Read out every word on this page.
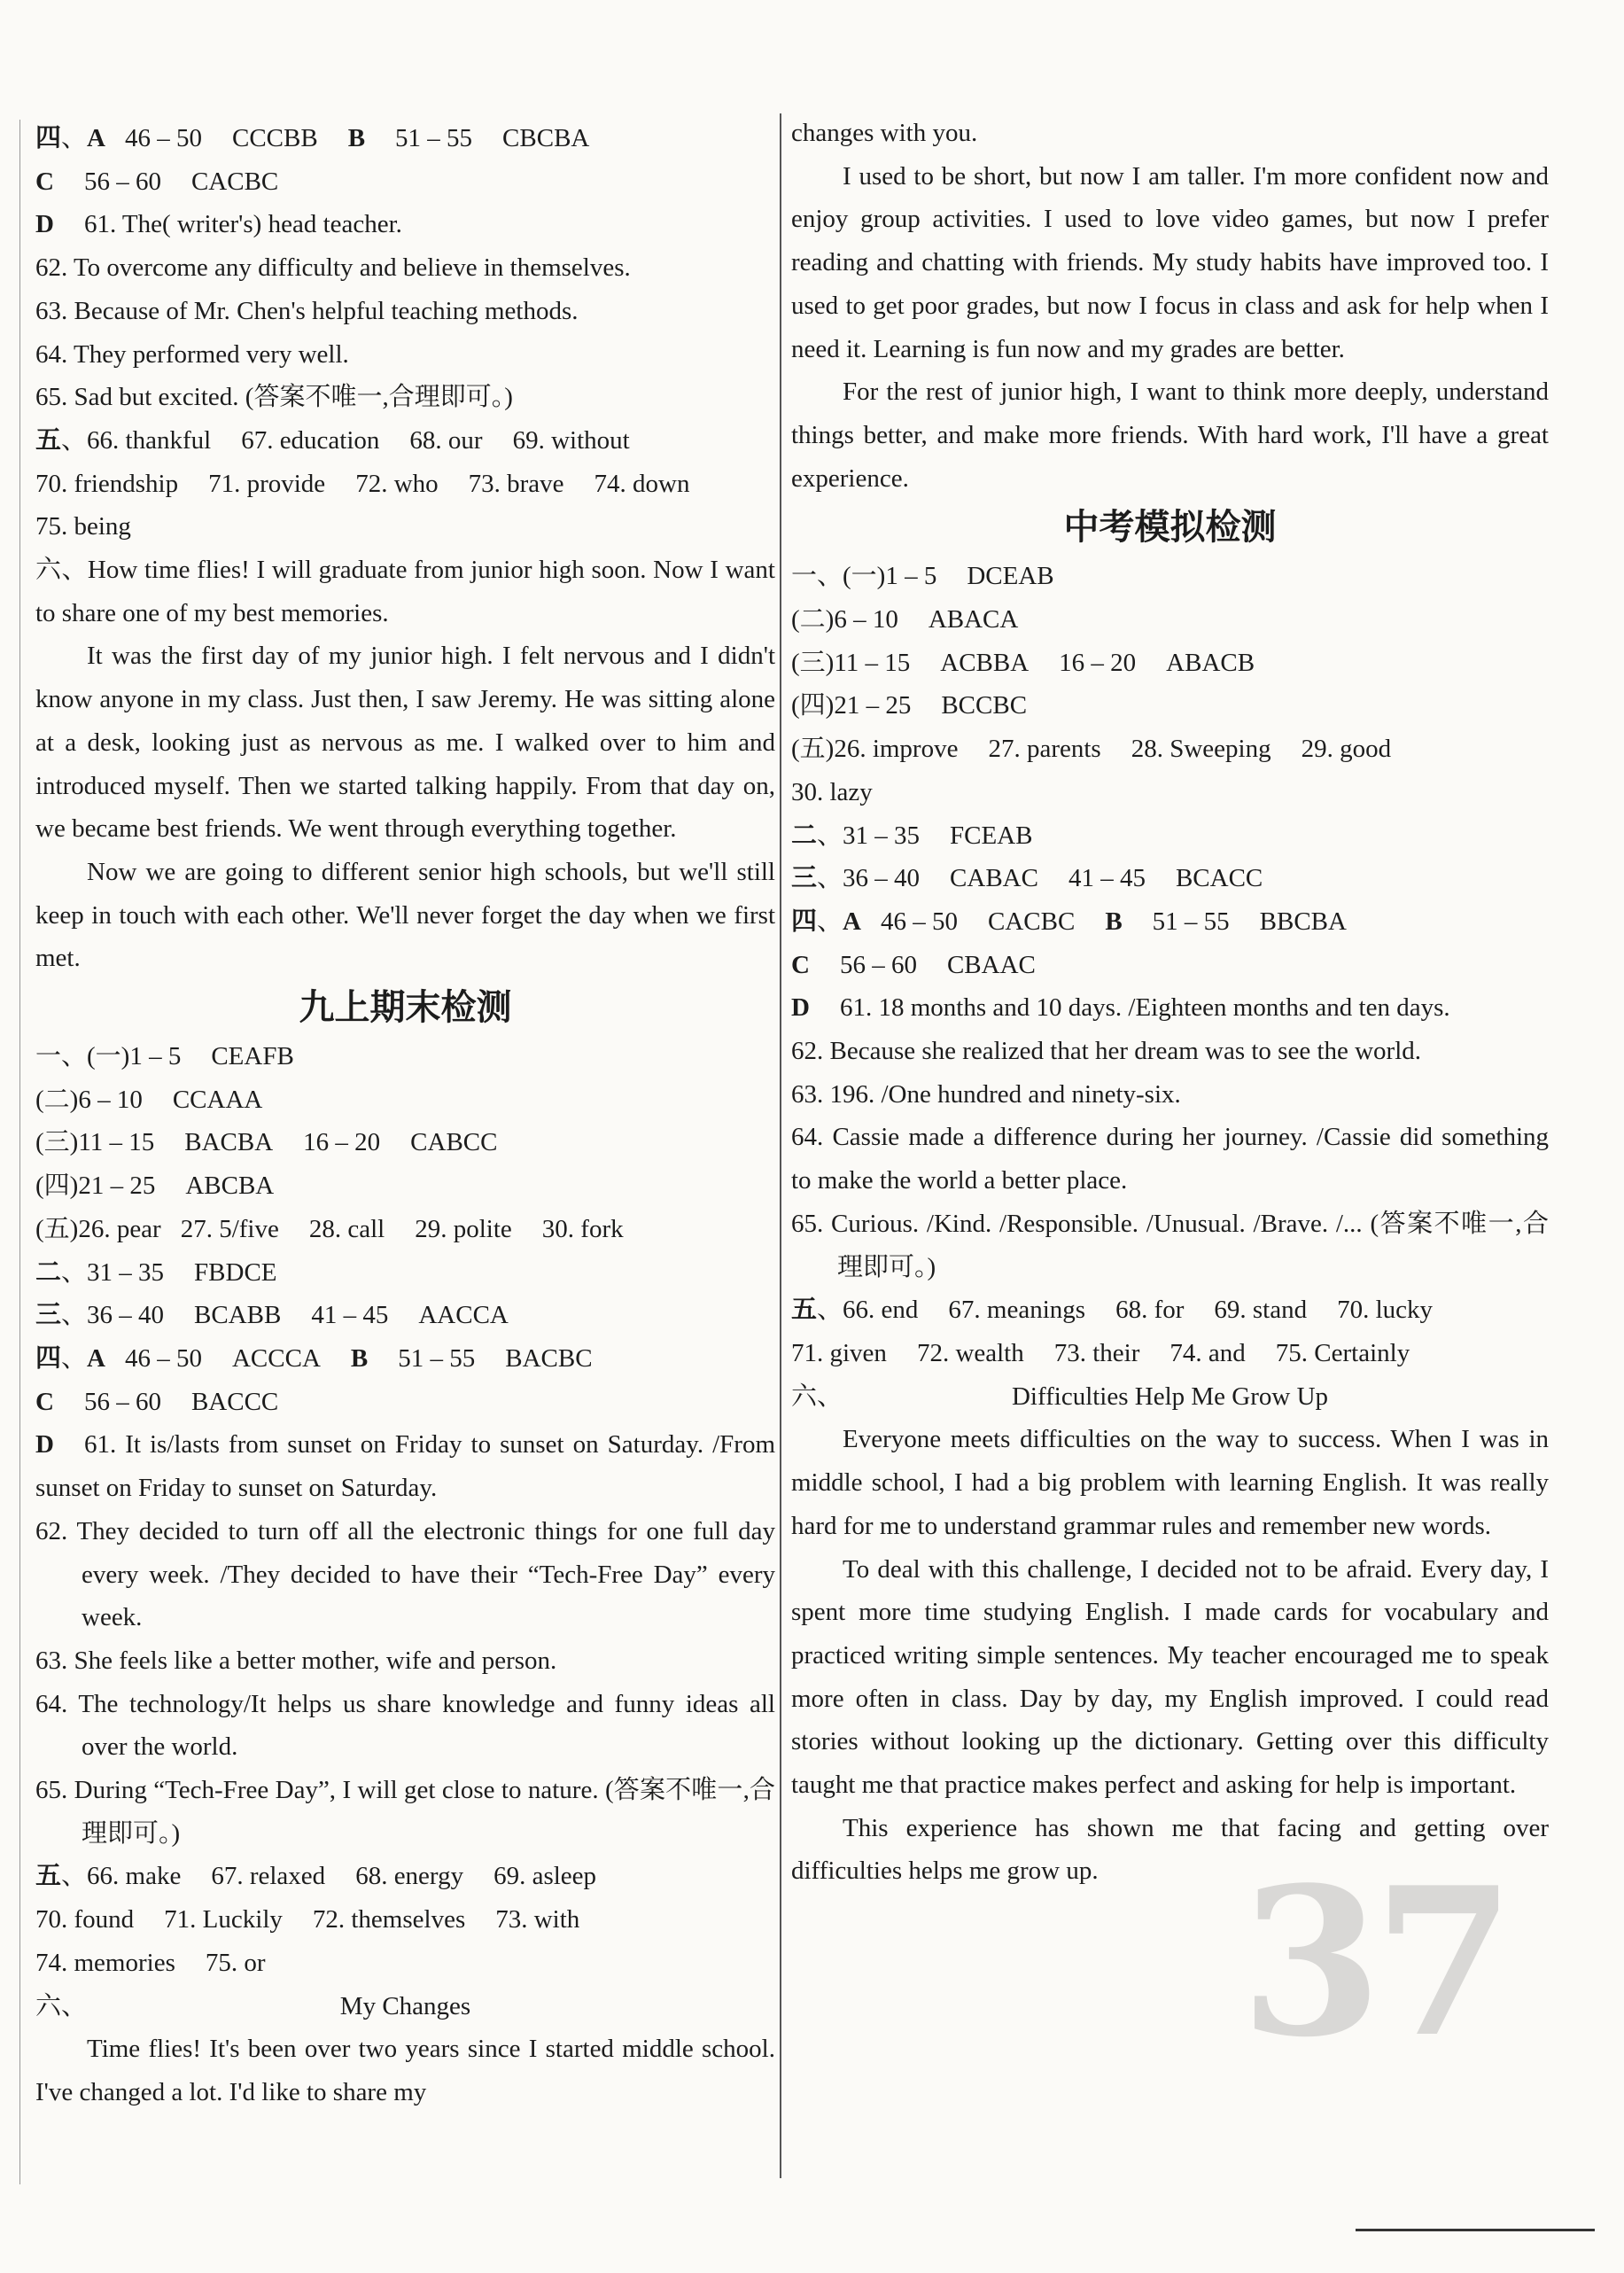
四、A 46 – 50 CCCBB B 51 – 55 CBCBA
C 56 – 60 CACBC
D 61. The( writer's) head teacher.
62. To overcome any difficulty and believe in themselves.
63. Because of Mr. Chen's helpful teaching methods.
64. They performed very well.
65. Sad but excited. (答案不唯一,合理即可。)
五、66. thankful 67. education 68. our 69. without
70. friendship 71. provide 72. who 73. brave 74. down
75. being

六、How time flies! I will graduate from junior high soon. Now I want to share one of my best memories.

It was the first day of my junior high. I felt nervous and I didn't know anyone in my class. Just then, I saw Jeremy. He was sitting alone at a desk, looking just as nervous as me. I walked over to him and introduced myself. Then we started talking happily. From that day on, we became best friends. We went through everything together.

Now we are going to different senior high schools, but we'll still keep in touch with each other. We'll never forget the day when we first met.

九上期末检测
一、(一)1 – 5 CEAFB
(二)6 – 10 CCAAA
(三)11 – 15 BACBA 16 – 20 CABCC
(四)21 – 25 ABCBA
(五)26. pear 27. 5/five 28. call 29. polite 30. fork
二、31 – 35 FBDCE
三、36 – 40 BCABB 41 – 45 AACCA
四、A 46 – 50 ACCCA B 51 – 55 BACBC
C 56 – 60 BACCC

D 61. It is/lasts from sunset on Friday to sunset on Saturday. /From sunset on Friday to sunset on Saturday.

62. They decided to turn off all the electronic things for one full day every week. /They decided to have their “Tech-Free Day” every week.

63. She feels like a better mother, wife and person.

64. The technology/It helps us share knowledge and funny ideas all over the world.

65. During “Tech-Free Day”, I will get close to nature. (答案不唯一,合理即可。)

五、66. make 67. relaxed 68. energy 69. asleep
70. found 71. Luckily 72. themselves 73. with
74. memories 75. or
六、	My Changes

Time flies! It's been over two years since I started middle school. I've changed a lot. I'd like to share my

changes with you.

I used to be short, but now I am taller. I'm more confident now and enjoy group activities. I used to love video games, but now I prefer reading and chatting with friends. My study habits have improved too. I used to get poor grades, but now I focus in class and ask for help when I need it. Learning is fun now and my grades are better.

For the rest of junior high, I want to think more deeply, understand things better, and make more friends. With hard work, I'll have a great experience.

中考模拟检测
一、(一)1 – 5 DCEAB
(二)6 – 10 ABACA
(三)11 – 15 ACBBA 16 – 20 ABACB
(四)21 – 25 BCCBC
(五)26. improve 27. parents 28. Sweeping 29. good
30. lazy
二、31 – 35 FCEAB
三、36 – 40 CABAC 41 – 45 BCACC
四、A 46 – 50 CACBC B 51 – 55 BBCBA
C 56 – 60 CBAAC

D 61. 18 months and 10 days. /Eighteen months and ten days.

62. Because she realized that her dream was to see the world.

63. 196. /One hundred and ninety-six.

64. Cassie made a difference during her journey. /Cassie did something to make the world a better place.

65. Curious. /Kind. /Responsible. /Unusual. /Brave. /... (答案不唯一,合理即可。)

五、66. end 67. meanings 68. for 69. stand 70. lucky
71. given 72. wealth 73. their 74. and 75. Certainly
六、	Difficulties Help Me Grow Up

Everyone meets difficulties on the way to success. When I was in middle school, I had a big problem with learning English. It was really hard for me to understand grammar rules and remember new words.

To deal with this challenge, I decided not to be afraid. Every day, I spent more time studying English. I made cards for vocabulary and practiced writing simple sentences. My teacher encouraged me to speak more often in class. Day by day, my English improved. I could read stories without looking up the dictionary. Getting over this difficulty taught me that practice makes perfect and asking for help is important.

This experience has shown me that facing and getting over difficulties helps me grow up. 37
